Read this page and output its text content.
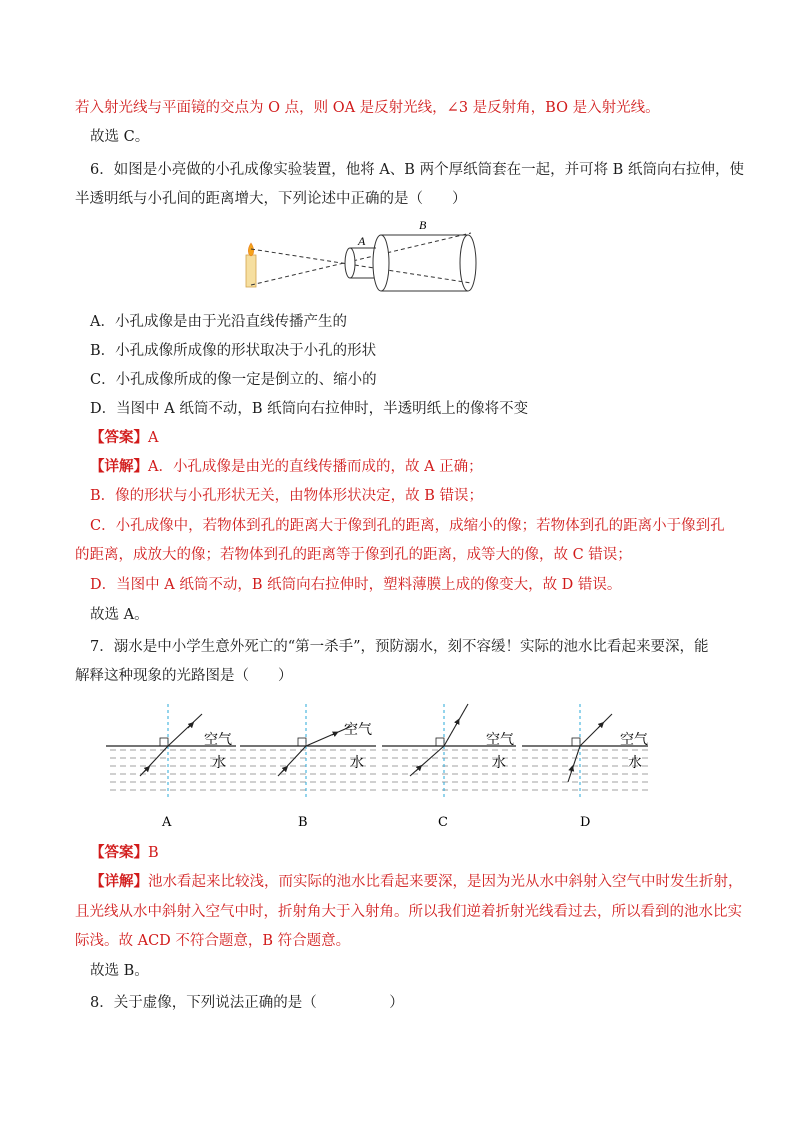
若入射光线与平面镜的交点为 O 点，则 OA 是反射光线，∠3 是反射角，BO 是入射光线。
故选 C。
6．如图是小亮做的小孔成像实验装置，他将 A、B 两个厚纸筒套在一起，并可将 B 纸筒向右拉伸，使
半透明纸与小孔间的距离增大，下列论述中正确的是（　　）
A
B
A．小孔成像是由于光沿直线传播产生的
B．小孔成像所成像的形状取决于小孔的形状
C．小孔成像所成的像一定是倒立的、缩小的
D．当图中 A 纸筒不动，B 纸筒向右拉伸时，半透明纸上的像将不变
【答案】A
【详解】A．小孔成像是由光的直线传播而成的，故 A 正确；
B．像的形状与小孔形状无关，由物体形状决定，故 B 错误；
C．小孔成像中，若物体到孔的距离大于像到孔的距离，成缩小的像；若物体到孔的距离小于像到孔
的距离，成放大的像；若物体到孔的距离等于像到孔的距离，成等大的像，故 C 错误；
D．当图中 A 纸筒不动，B 纸筒向右拉伸时，塑料薄膜上成的像变大，故 D 错误。
故选 A。
7．溺水是中小学生意外死亡的“第一杀手”，预防溺水，刻不容缓！实际的池水比看起来要深，能
解释这种现象的光路图是（　　）
空气
水
空气
水
空气
水
空气
水
A	B	C	D
【答案】B
【详解】池水看起来比较浅，而实际的池水比看起来要深，是因为光从水中斜射入空气中时发生折射，
且光线从水中斜射入空气中时，折射角大于入射角。所以我们逆着折射光线看过去，所以看到的池水比实
际浅。故 ACD 不符合题意，B 符合题意。
故选 B。
8．关于虚像，下列说法正确的是（　　　　　）
